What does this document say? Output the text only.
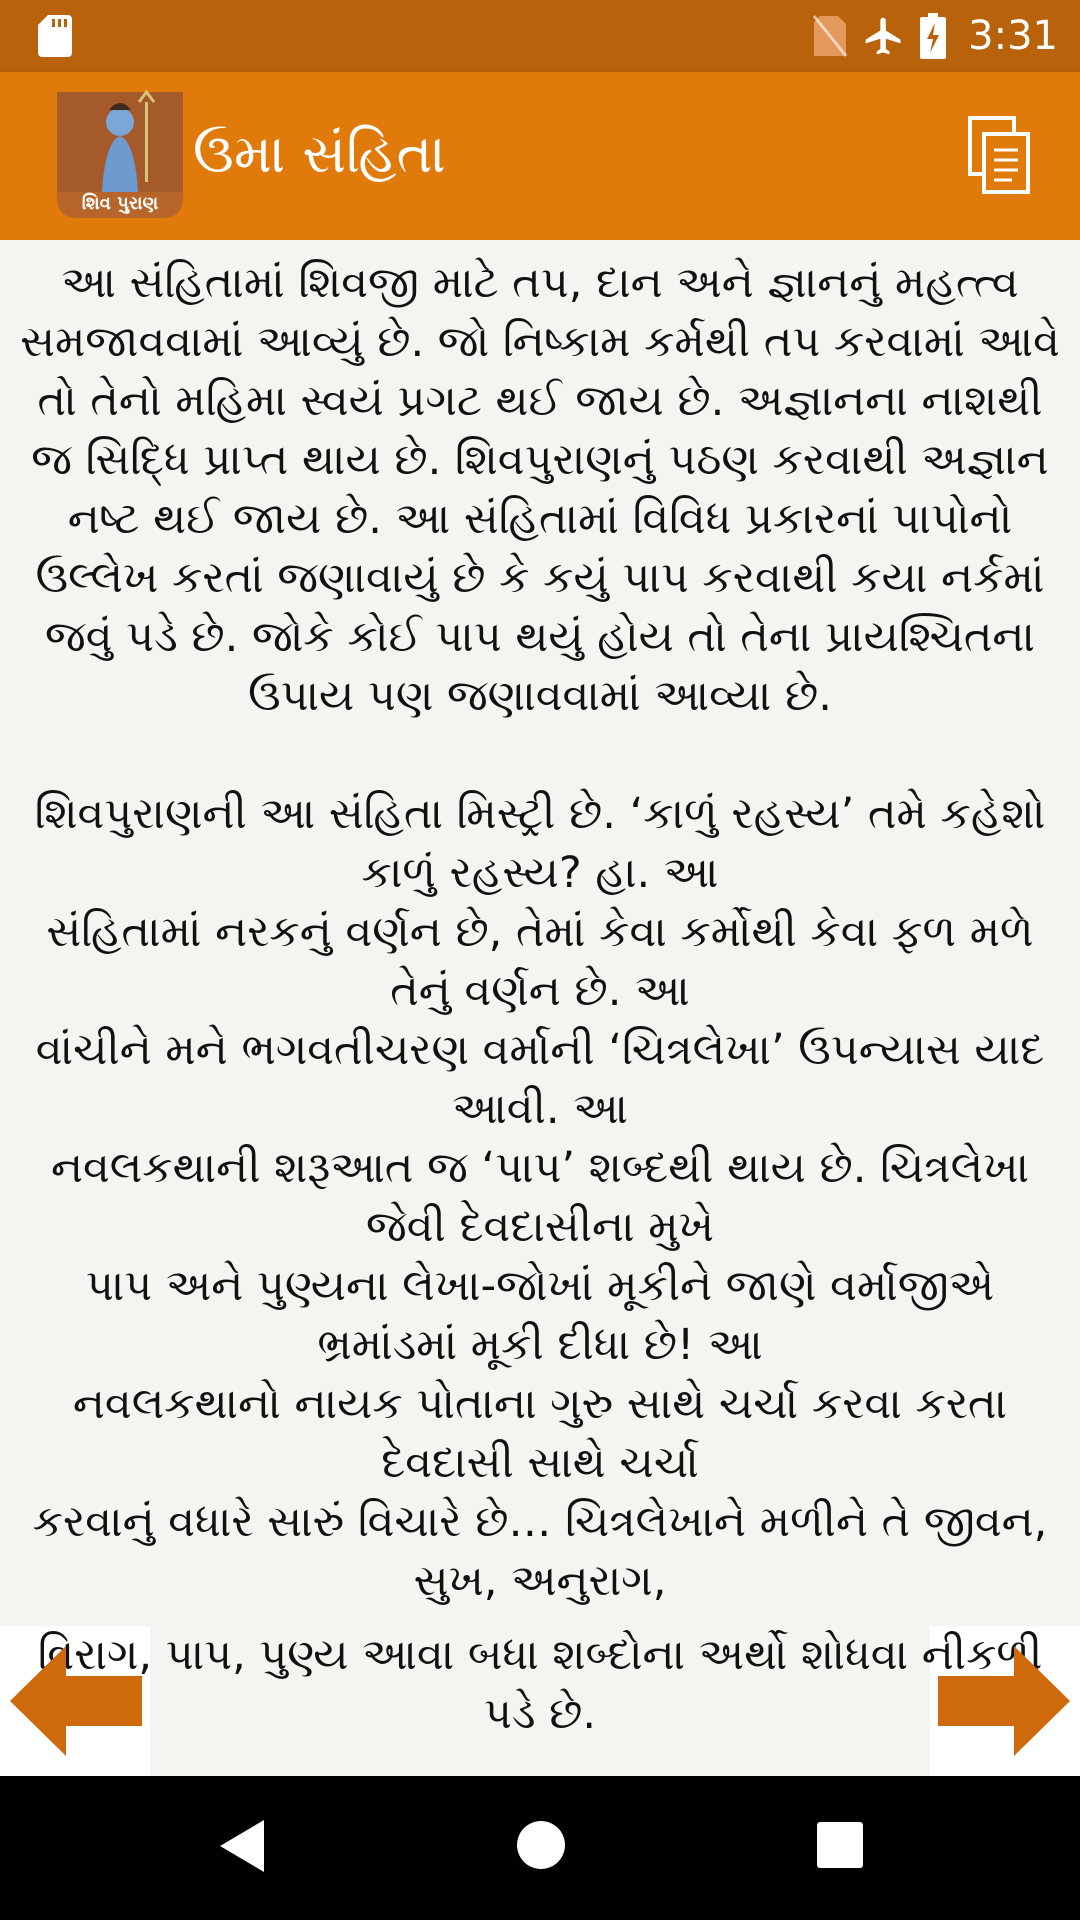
3:31
શિવ પુરાણ
ઉમા સંહિતા

આ સંહિતામાં શિવજી માટે તપ, દાન અને જ્ઞાનનું મહત્ત્વ સમજાવવામાં આવ્યું છે. જો નિષ્કામ કર્મથી તપ કરવામાં આવે તો તેનો મહિમા સ્વયં પ્રગટ થઈ જાય છે. અજ્ઞાનના નાશથી જ સિદ્ધિ પ્રાપ્ત થાય છે. શિવપુરાણનું પઠણ કરવાથી અજ્ઞાન નષ્ટ થઈ જાય છે. આ સંહિતામાં વિવિધ પ્રકારનાં પાપોનો ઉલ્લેખ કરતાં જણાવાયું છે કે કયું પાપ કરવાથી કયા નર્કમાં જવું પડે છે. જોકે કોઈ પાપ થયું હોય તો તેના પ્રાયશ્ચિતના ઉપાય પણ જણાવવામાં આવ્યા છે.

શિવપુરાણની આ સંહિતા મિસ્ટ્રી છે. ‘કાળું રહસ્ય’ તમે કહેશો કાળું રહસ્ય? હા. આ

સંહિતામાં નરકનું વર્ણન છે, તેમાં કેવા કર્મોથી કેવા ફળ મળે તેનું વર્ણન છે. આ

વાંચીને મને ભગવતીચરણ વર્માની ‘ચિત્રલેખા’ ઉપન્યાસ યાદ આવી. આ

નવલકથાની શરૂઆત જ ‘પાપ’ શબ્દથી થાય છે. ચિત્રલેખા જેવી દેવદાસીના મુખે

પાપ અને પુણ્યના લેખા-જોખાં મૂકીને જાણે વર્માજીએ ભ્રમાંડમાં મૂકી દીધા છે! આ

નવલકથાનો નાયક પોતાના ગુરુ સાથે ચર્ચા કરવા કરતા દેવદાસી સાથે ચર્ચા

કરવાનું વધારે સારું વિચારે છે… ચિત્રલેખાને મળીને તે જીવન, સુખ, અનુરાગ,

વિરાગ, પાપ, પુણ્ય આવા બધા શબ્દોના અર્થો શોધવા નીકળી પડે છે.
